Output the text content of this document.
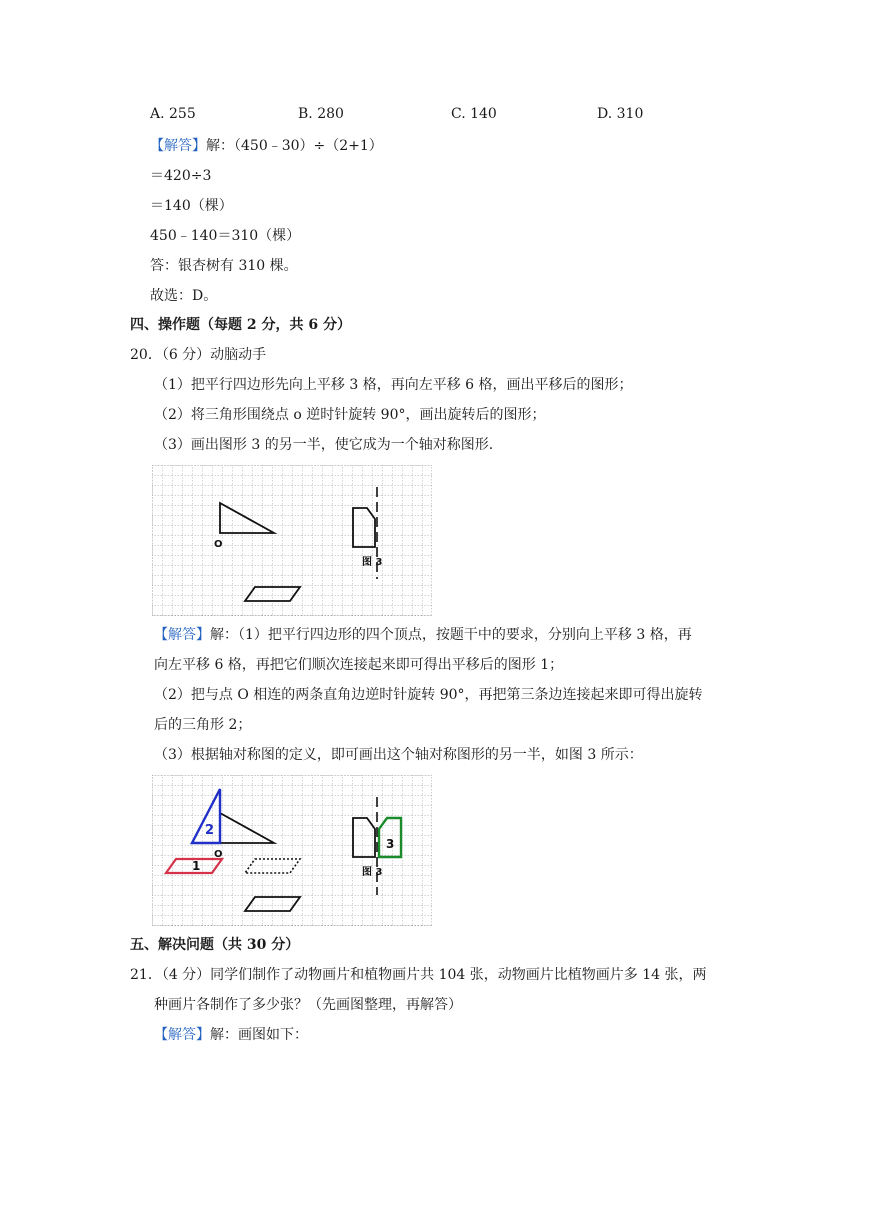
A. 255	B. 280	C. 140	D. 310
【解答】解：（450﹣30）÷（2+1）
＝420÷3
＝140（棵）
450﹣140＝310（棵）
答：银杏树有 310 棵。
故选：D。
四、操作题（每题 2 分，共 6 分）
20．（6 分）动脑动手
（1）把平行四边形先向上平移 3 格，再向左平移 6 格，画出平移后的图形；
（2）将三角形围绕点 o 逆时针旋转 90°，画出旋转后的图形；
（3）画出图形 3 的另一半，使它成为一个轴对称图形.
O
图 3
【解答】解：（1）把平行四边形的四个顶点，按题干中的要求，分别向上平移 3 格，再
向左平移 6 格，再把它们顺次连接起来即可得出平移后的图形 1；
（2）把与点 O 相连的两条直角边逆时针旋转 90°，再把第三条边连接起来即可得出旋转
后的三角形 2；
（3）根据轴对称图的定义，即可画出这个轴对称图形的另一半，如图 3 所示：
2
O
1
3
图 3
五、解决问题（共 30 分）
21．（4 分）同学们制作了动物画片和植物画片共 104 张，动物画片比植物画片多 14 张，两
种画片各制作了多少张？（先画图整理，再解答）
【解答】解：画图如下：
